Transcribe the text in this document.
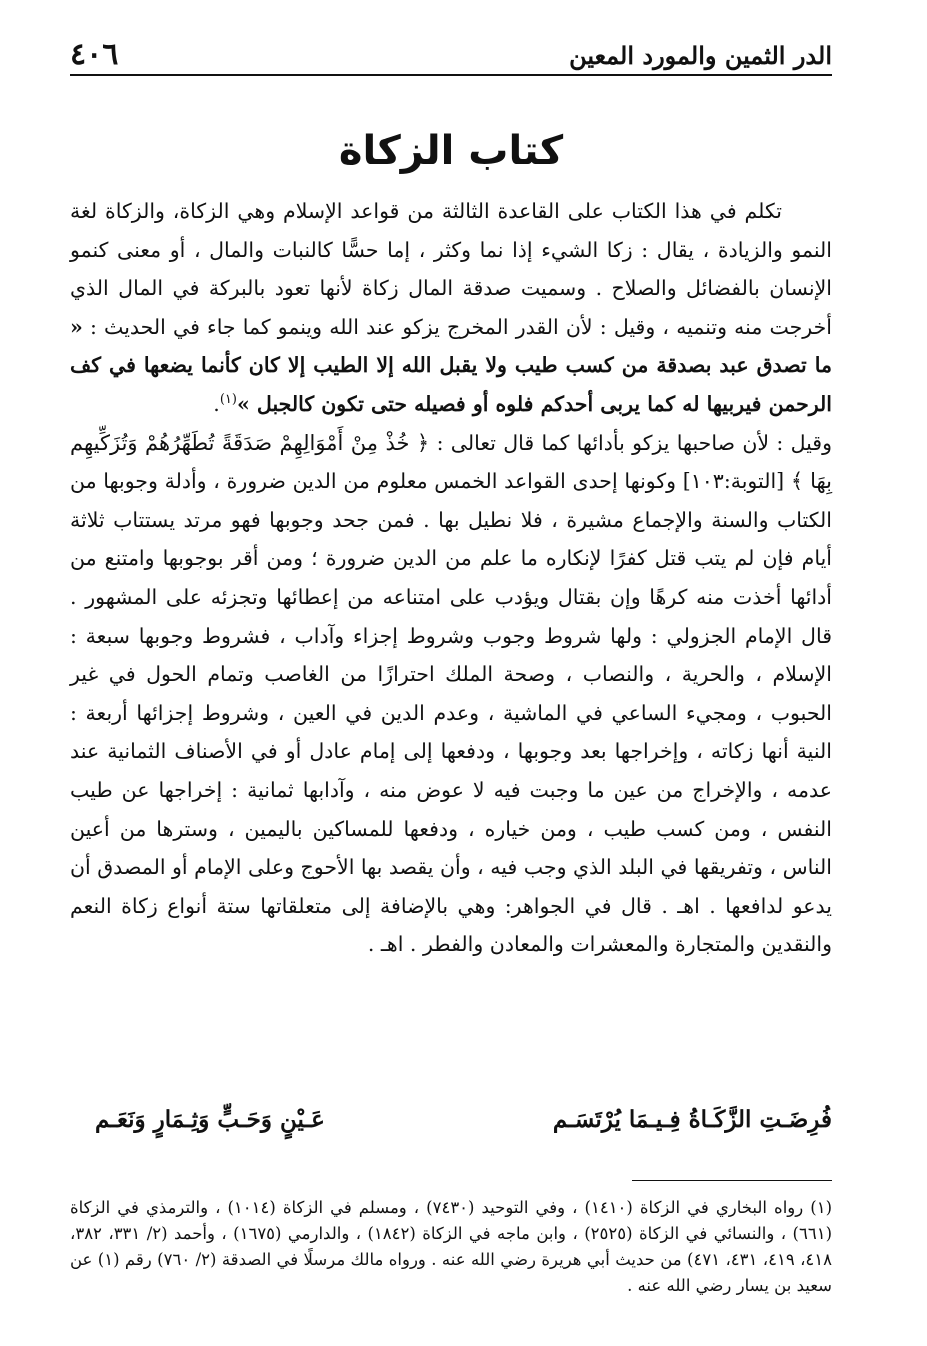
الدر الثمين والمورد المعين
٤٠٦
كتاب الزكاة

تكلم في هذا الكتاب على القاعدة الثالثة من قواعد الإسلام وهي الزكاة، والزكاة لغة النمو والزيادة ، يقال : زكا الشيء إذا نما وكثر ، إما حسًّا كالنبات والمال ، أو معنى كنمو الإنسان بالفضائل والصلاح . وسميت صدقة المال زكاة لأنها تعود بالبركة في المال الذي أخرجت منه وتنميه ، وقيل : لأن القدر المخرج يزكو عند الله وينمو كما جاء في الحديث : « ما تصدق عبد بصدقة من كسب طيب ولا يقبل الله إلا الطيب إلا كان كأنما يضعها في كف الرحمن فيربيها له كما يربى أحدكم فلوه أو فصيله حتى تكون كالجبل »$^{(١)}$.

وقيل : لأن صاحبها يزكو بأدائها كما قال تعالى : ﴿ خُذْ مِنْ أَمْوَالِهِمْ صَدَقَةً تُطَهِّرُهُمْ وَتُزَكِّيهِم بِهَا ﴾ [التوبة:١٠٣] وكونها إحدى القواعد الخمس معلوم من الدين ضرورة ، وأدلة وجوبها من الكتاب والسنة والإجماع مشيرة ، فلا نطيل بها . فمن جحد وجوبها فهو مرتد يستتاب ثلاثة أيام فإن لم يتب قتل كفرًا لإنكاره ما علم من الدين ضرورة ؛ ومن أقر بوجوبها وامتنع من أدائها أخذت منه كرهًا وإن بقتال ويؤدب على امتناعه من إعطائها وتجزئه على المشهور . قال الإمام الجزولي : ولها شروط وجوب وشروط إجزاء وآداب ، فشروط وجوبها سبعة : الإسلام ، والحرية ، والنصاب ، وصحة الملك احترازًا من الغاصب وتمام الحول في غير الحبوب ، ومجيء الساعي في الماشية ، وعدم الدين في العين ، وشروط إجزائها أربعة : النية أنها زكاته ، وإخراجها بعد وجوبها ، ودفعها إلى إمام عادل أو في الأصناف الثمانية عند عدمه ، والإخراج من عين ما وجبت فيه لا عوض منه ، وآدابها ثمانية : إخراجها عن طيب النفس ، ومن كسب طيب ، ومن خياره ، ودفعها للمساكين باليمين ، وسترها من أعين الناس ، وتفريقها في البلد الذي وجب فيه ، وأن يقصد بها الأحوج وعلى الإمام أو المصدق أن يدعو لدافعها . اهـ . قال في الجواهر: وهي بالإضافة إلى متعلقاتها ستة أنواع زكاة النعم والنقدين والمتجارة والمعشرات والمعادن والفطر . اهـ .

فُرِضَـتِ الزَّكَـاةُ فِـيـمَا يُرْتَسَـم
عَـيْنٍ وَحَـبٍّ وَثِـمَارٍ وَنَعَـم

(١) رواه البخاري في الزكاة (١٤١٠) ، وفي التوحيد (٧٤٣٠) ، ومسلم في الزكاة (١٠١٤) ، والترمذي في الزكاة (٦٦١) ، والنسائي في الزكاة (٢٥٢٥) ، وابن ماجه في الزكاة (١٨٤٢) ، والدارمي (١٦٧٥) ، وأحمد (٢/ ٣٣١، ٣٨٢، ٤١٨، ٤١٩، ٤٣١، ٤٧١) من حديث أبي هريرة رضي الله عنه . ورواه مالك مرسلًا في الصدقة (٢/ ٧٦٠) رقم (١) عن سعيد بن يسار رضي الله عنه .
